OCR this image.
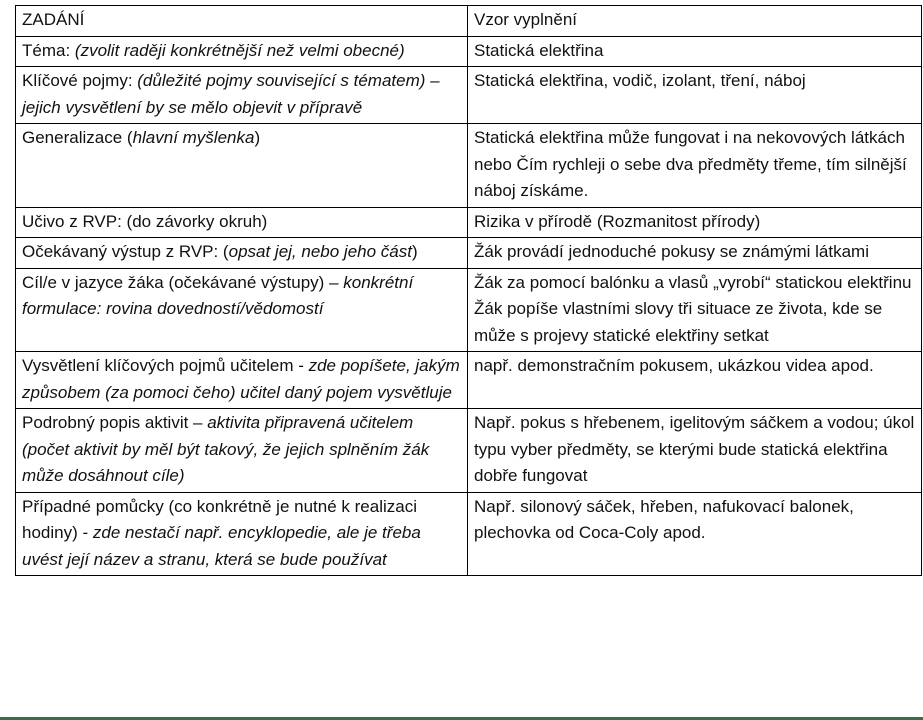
ZADÁNÍ	Vzor vyplnění
Téma: (zvolit raději konkrétnější než velmi obecné)	Statická elektřina

Klíčové pojmy: (důležité pojmy související s tématem) – jejich vysvětlení by se mělo objevit v přípravě	Statická elektřina, vodič, izolant, tření, náboj

Generalizace (hlavní myšlenka)	Statická elektřina může fungovat i na nekovových látkách nebo Čím rychleji o sebe dva předměty třeme, tím silnější náboj získáme.

Učivo z RVP: (do závorky okruh)	Rizika v přírodě (Rozmanitost přírody)

Očekávaný výstup z RVP: (opsat jej, nebo jeho část)	Žák provádí jednoduché pokusy se známými látkami

Cíl/e v jazyce žáka (očekávané výstupy) – konkrétní formulace: rovina dovedností/vědomostí	Žák za pomocí balónku a vlasů „vyrobí“ statickou elektřinu
Žák popíše vlastními slovy tři situace ze života, kde se může s projevy statické elektřiny setkat

Vysvětlení klíčových pojmů učitelem - zde popíšete, jakým způsobem (za pomoci čeho) učitel daný pojem vysvětluje	např. demonstračním pokusem, ukázkou videa apod.

Podrobný popis aktivit – aktivita připravená učitelem (počet aktivit by měl být takový, že jejich splněním žák může dosáhnout cíle)	Např. pokus s hřebenem, igelitovým sáčkem a vodou; úkol typu vyber předměty, se kterými bude statická elektřina dobře fungovat

Případné pomůcky (co konkrétně je nutné k realizaci hodiny) - zde nestačí např. encyklopedie, ale je třeba uvést její název a stranu, která se bude používat	Např. silonový sáček, hřeben, nafukovací balonek, plechovka od Coca-Coly apod.
